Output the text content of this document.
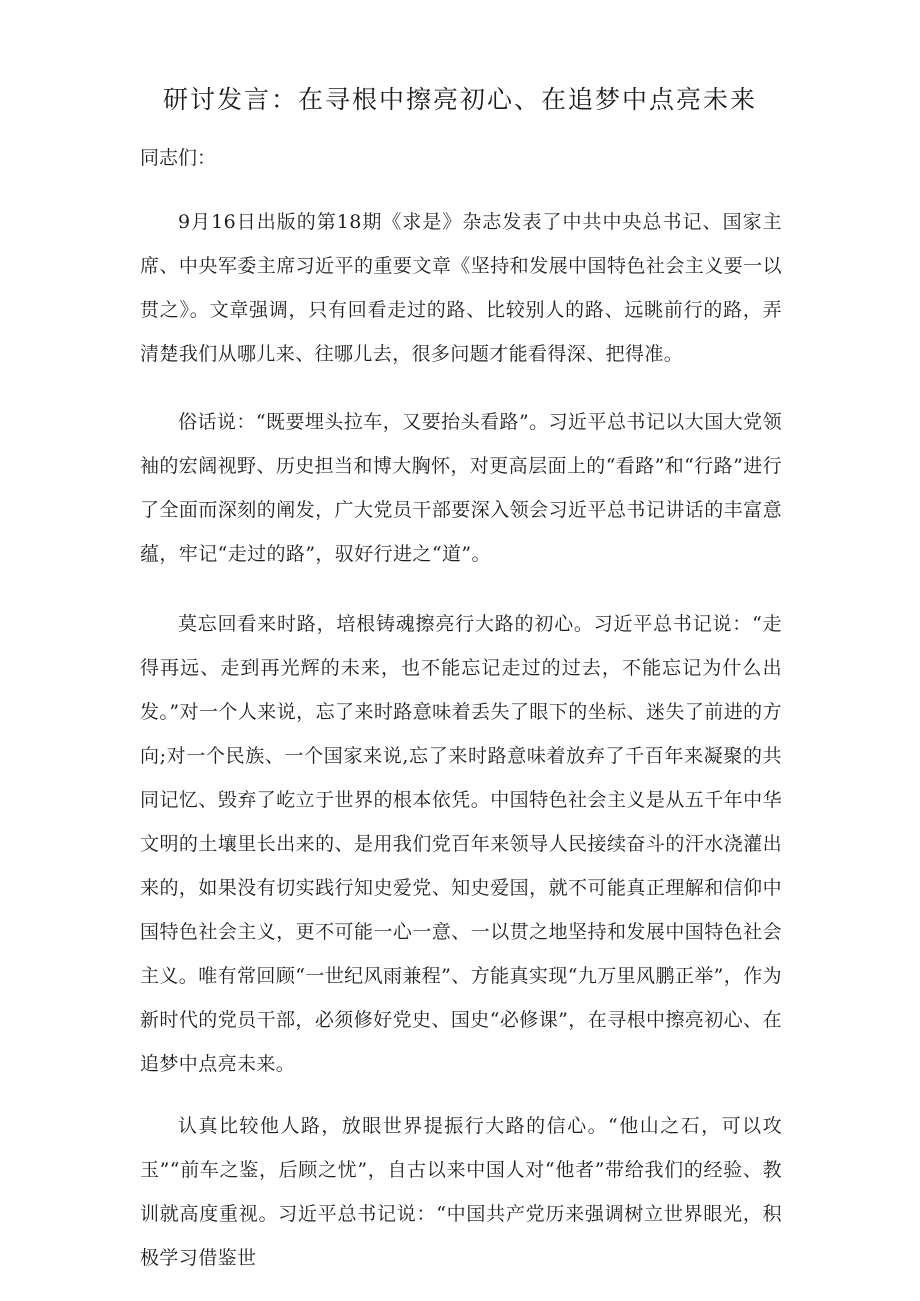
研讨发言：在寻根中擦亮初心、在追梦中点亮未来
同志们：

9月16日出版的第18期《求是》杂志发表了中共中央总书记、国家主席、中央军委主席习近平的重要文章《坚持和发展中国特色社会主义要一以贯之》。文章强调，只有回看走过的路、比较别人的路、远眺前行的路，弄清楚我们从哪儿来、往哪儿去，很多问题才能看得深、把得准。

俗话说：“既要埋头拉车，又要抬头看路”。习近平总书记以大国大党领袖的宏阔视野、历史担当和博大胸怀，对更高层面上的“看路”和“行路”进行了全面而深刻的阐发，广大党员干部要深入领会习近平总书记讲话的丰富意蕴，牢记“走过的路”，驭好行进之“道”。

莫忘回看来时路，培根铸魂擦亮行大路的初心。习近平总书记说：“走得再远、走到再光辉的未来，也不能忘记走过的过去，不能忘记为什么出发。”对一个人来说，忘了来时路意味着丢失了眼下的坐标、迷失了前进的方向;对一个民族、一个国家来说,忘了来时路意味着放弃了千百年来凝聚的共同记忆、毁弃了屹立于世界的根本依凭。中国特色社会主义是从五千年中华文明的土壤里长出来的、是用我们党百年来领导人民接续奋斗的汗水浇灌出来的，如果没有切实践行知史爱党、知史爱国，就不可能真正理解和信仰中国特色社会主义，更不可能一心一意、一以贯之地坚持和发展中国特色社会主义。唯有常回顾“一世纪风雨兼程”、方能真实现“九万里风鹏正举”，作为新时代的党员干部，必须修好党史、国史“必修课”，在寻根中擦亮初心、在追梦中点亮未来。

认真比较他人路，放眼世界提振行大路的信心。“他山之石，可以攻玉”“前车之鉴，后顾之忧”，自古以来中国人对“他者”带给我们的经验、教训就高度重视。习近平总书记说：“中国共产党历来强调树立世界眼光，积极学习借鉴世
